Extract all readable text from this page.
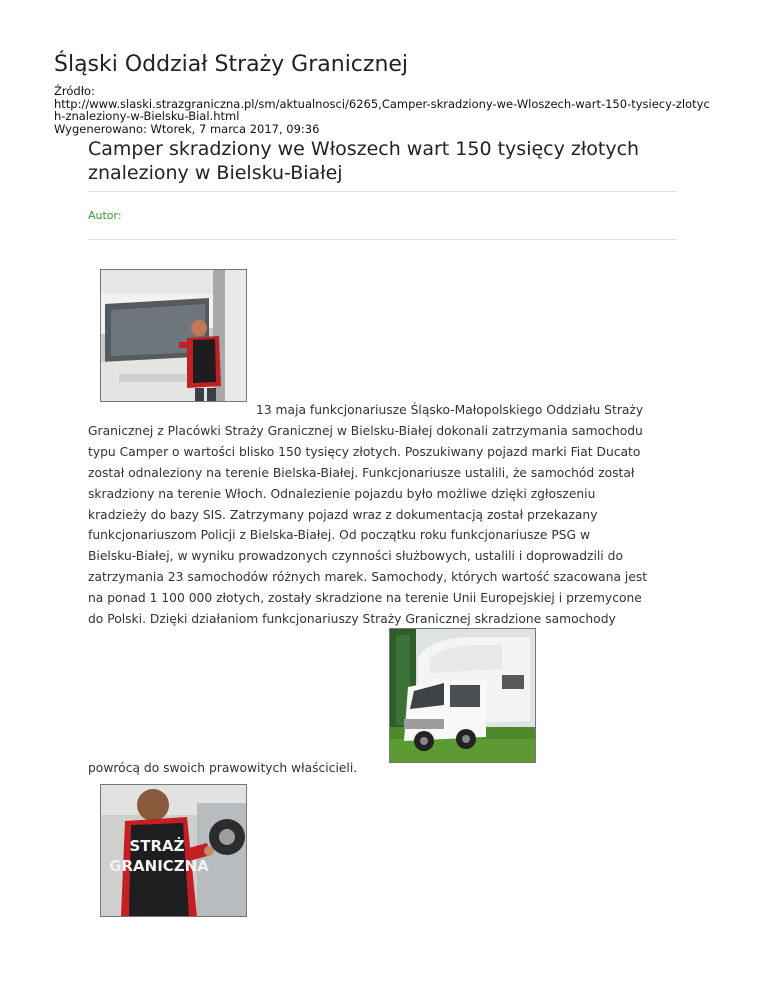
Śląski Oddział Straży Granicznej
Źródło:
http://www.slaski.strazgraniczna.pl/sm/aktualnosci/6265,Camper-skradziony-we-Wloszech-wart-150-tysiecy-zlotyc
h-znaleziony-w-Bielsku-Bial.html
Wygenerowano: Wtorek, 7 marca 2017, 09:36
Camper skradziony we Włoszech wart 150 tysięcy złotych
znaleziony w Bielsku-Białej
Autor:

13 maja funkcjonariusze Śląsko-Małopolskiego Oddziału Straży

Granicznej z Placówki Straży Granicznej w Bielsku-Białej dokonali zatrzymania samochodu

typu Camper o wartości blisko 150 tysięcy złotych. Poszukiwany pojazd marki Fiat Ducato

został odnaleziony na terenie Bielska-Białej. Funkcjonariusze ustalili, że samochód został

skradziony na terenie Włoch. Odnalezienie pojazdu było możliwe dzięki zgłoszeniu

kradzieży do bazy SIS. Zatrzymany pojazd wraz z dokumentacją został przekazany

funkcjonariuszom Policji z Bielska-Białej. Od początku roku funkcjonariusze PSG w

Bielsku-Białej, w wyniku prowadzonych czynności służbowych, ustalili i doprowadzili do

zatrzymania 23 samochodów różnych marek. Samochody, których wartość szacowana jest

na ponad 1 100 000 złotych, zostały skradzione na terenie Unii Europejskiej i przemycone

do Polski. Dzięki działaniom funkcjonariuszy Straży Granicznej skradzione samochody

powrócą do swoich prawowitych właścicieli.

STRAŻ
GRANICZNA
